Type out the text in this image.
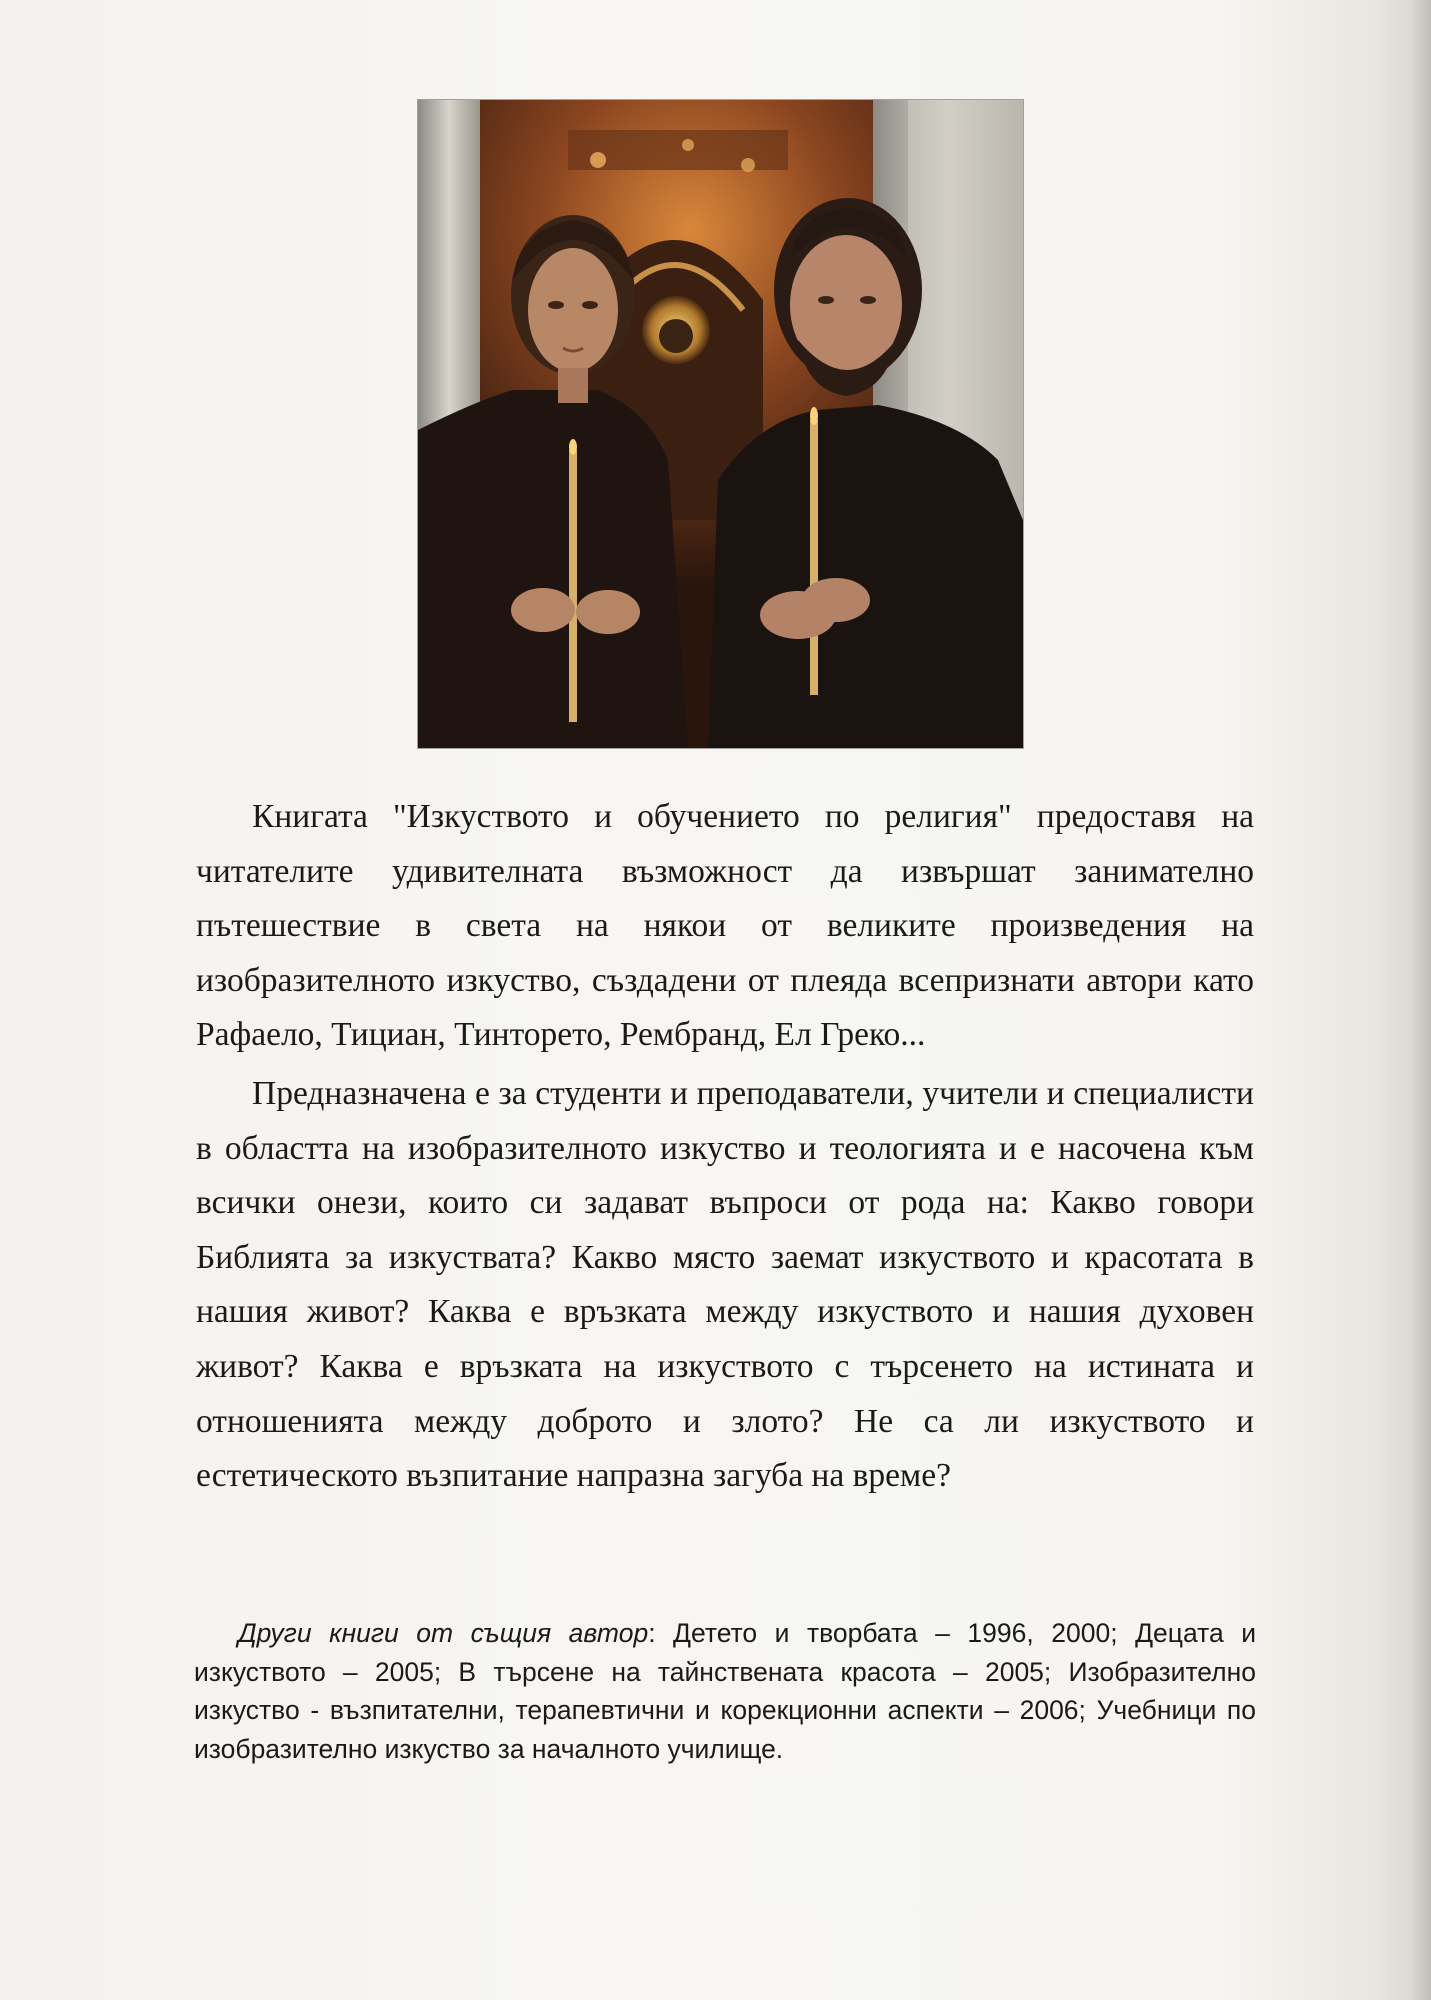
Книгата "Изкуството и обучението по религия" предоставя на читателите удивителната възможност да извършат занимателно пътешествие в света на някои от великите произведения на изобразителното изкуство, създадени от плеяда всепризнати автори като Рафаело, Тициан, Тинторето, Рембранд, Ел Греко...

Предназначена е за студенти и преподаватели, учители и специалисти в областта на изобразителното изкуство и теологията и е насочена към всички онези, които си задават въпроси от рода на: Какво говори Библията за изкуствата? Какво място заемат изкуството и красотата в нашия живот? Каква е връзката между изкуството и нашия духовен живот? Каква е връзката на изкуството с търсенето на истината и отношенията между доброто и злото? Не са ли изкуството и естетическото възпитание напразна загуба на време?

Други книги от същия автор: Детето и творбата – 1996, 2000; Децата и изкуството – 2005; В търсене на тайнствената красота – 2005; Изобразително изкуство - възпитателни, терапевтични и корекционни аспекти – 2006; Учебници по изобразително изкуство за началното училище.
